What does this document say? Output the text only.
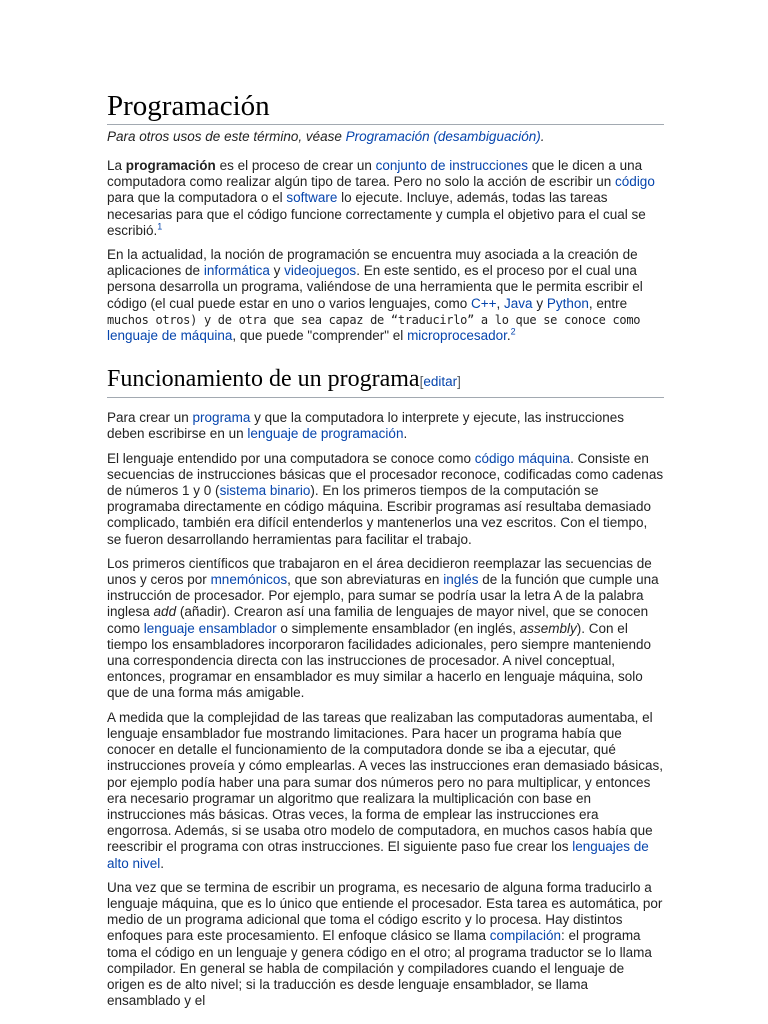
Programación
Para otros usos de este término, véase Programación (desambiguación).

La programación es el proceso de crear un conjunto de instrucciones que le dicen a una computadora como realizar algún tipo de tarea. Pero no solo la acción de escribir un código para que la computadora o el software lo ejecute. Incluye, además, todas las tareas necesarias para que el código funcione correctamente y cumpla el objetivo para el cual se escribió.$^1$

En la actualidad, la noción de programación se encuentra muy asociada a la creación de aplicaciones de informática y videojuegos. En este sentido, es el proceso por el cual una persona desarrolla un programa, valiéndose de una herramienta que le permita escribir el código (el cual puede estar en uno o varios lenguajes, como C++, Java y Python, entre muchos otros) y de otra que sea capaz de “traducirlo” a lo que se conoce como lenguaje de máquina, que puede "comprender" el microprocesador.$^2$

Funcionamiento de un programa[editar]

Para crear un programa y que la computadora lo interprete y ejecute, las instrucciones deben escribirse en un lenguaje de programación.

El lenguaje entendido por una computadora se conoce como código máquina. Consiste en secuencias de instrucciones básicas que el procesador reconoce, codificadas como cadenas de números 1 y 0 (sistema binario). En los primeros tiempos de la computación se programaba directamente en código máquina. Escribir programas así resultaba demasiado complicado, también era difícil entenderlos y mantenerlos una vez escritos. Con el tiempo, se fueron desarrollando herramientas para facilitar el trabajo.

Los primeros científicos que trabajaron en el área decidieron reemplazar las secuencias de unos y ceros por mnemónicos, que son abreviaturas en inglés de la función que cumple una instrucción de procesador. Por ejemplo, para sumar se podría usar la letra A de la palabra inglesa add (añadir). Crearon así una familia de lenguajes de mayor nivel, que se conocen como lenguaje ensamblador o simplemente ensamblador (en inglés, assembly). Con el tiempo los ensambladores incorporaron facilidades adicionales, pero siempre manteniendo una correspondencia directa con las instrucciones de procesador. A nivel conceptual, entonces, programar en ensamblador es muy similar a hacerlo en lenguaje máquina, solo que de una forma más amigable.

A medida que la complejidad de las tareas que realizaban las computadoras aumentaba, el lenguaje ensamblador fue mostrando limitaciones. Para hacer un programa había que conocer en detalle el funcionamiento de la computadora donde se iba a ejecutar, qué instrucciones proveía y cómo emplearlas. A veces las instrucciones eran demasiado básicas, por ejemplo podía haber una para sumar dos números pero no para multiplicar, y entonces era necesario programar un algoritmo que realizara la multiplicación con base en instrucciones más básicas. Otras veces, la forma de emplear las instrucciones era engorrosa. Además, si se usaba otro modelo de computadora, en muchos casos había que reescribir el programa con otras instrucciones. El siguiente paso fue crear los lenguajes de alto nivel.

Una vez que se termina de escribir un programa, es necesario de alguna forma traducirlo a lenguaje máquina, que es lo único que entiende el procesador. Esta tarea es automática, por medio de un programa adicional que toma el código escrito y lo procesa. Hay distintos enfoques para este procesamiento. El enfoque clásico se llama compilación: el programa toma el código en un lenguaje y genera código en el otro; al programa traductor se lo llama compilador. En general se habla de compilación y compiladores cuando el lenguaje de origen es de alto nivel; si la traducción es desde lenguaje ensamblador, se llama ensamblado y el
